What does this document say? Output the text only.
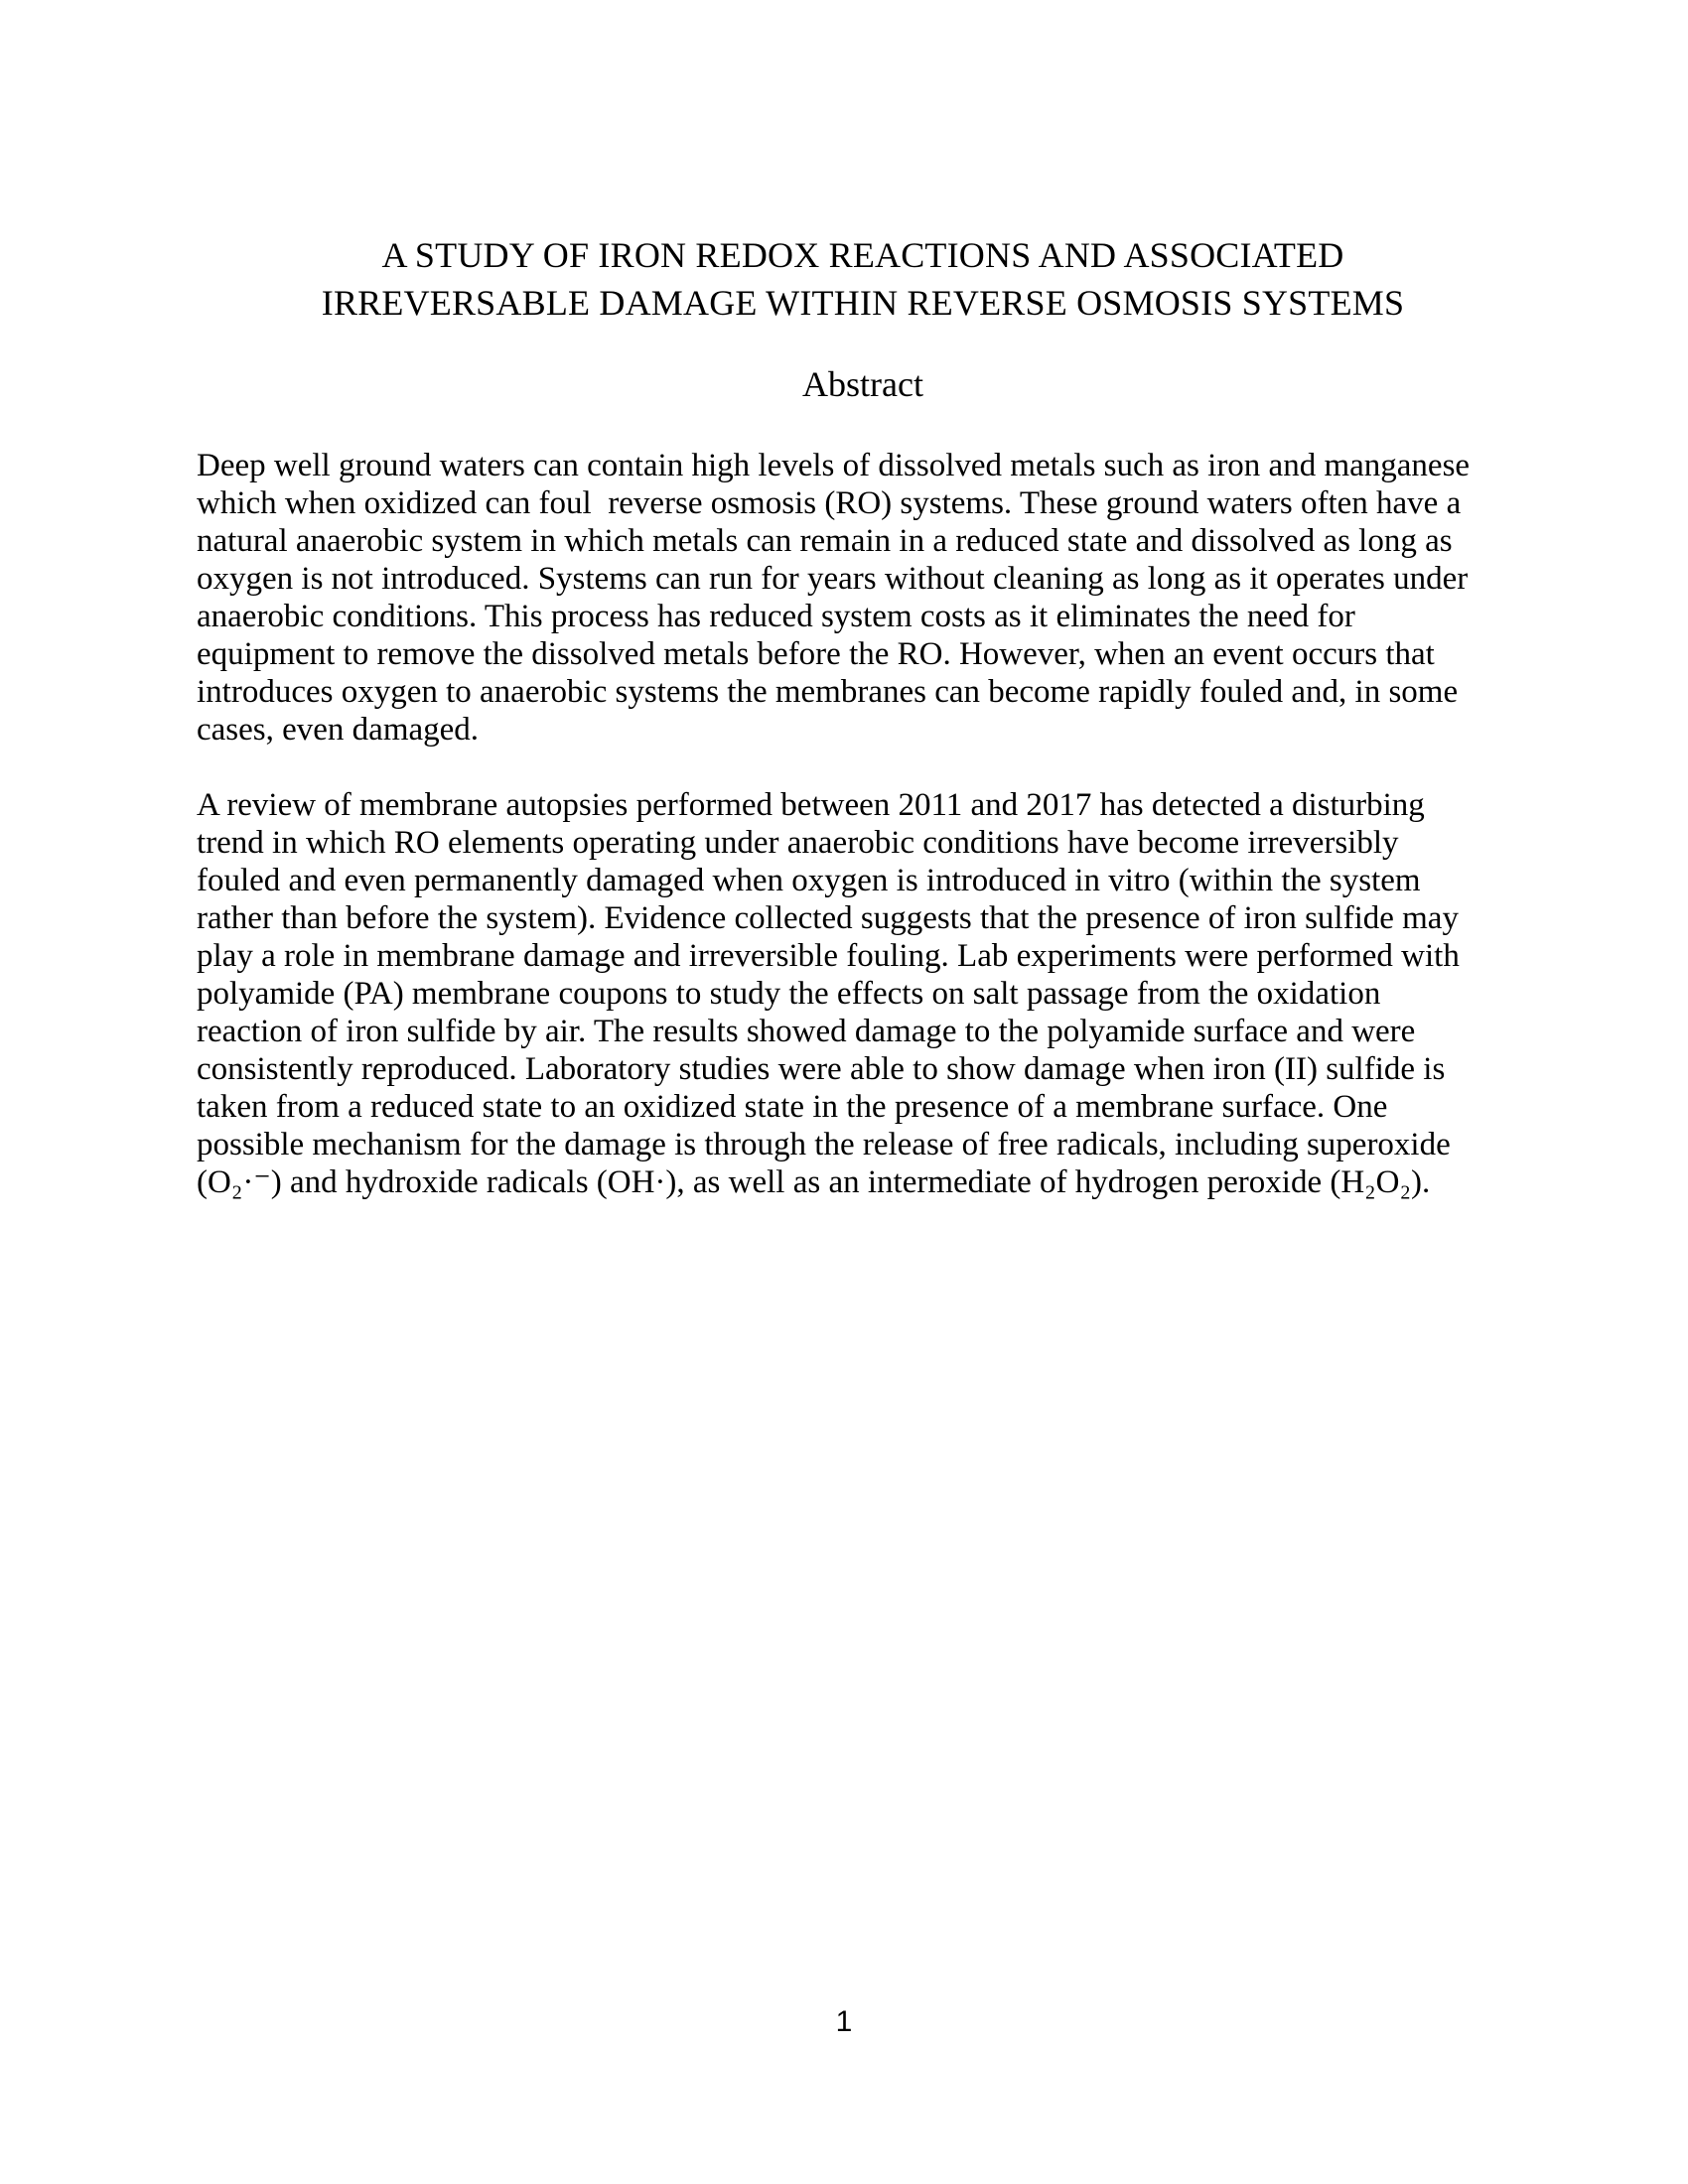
A STUDY OF IRON REDOX REACTIONS AND ASSOCIATED
IRREVERSABLE DAMAGE WITHIN REVERSE OSMOSIS SYSTEMS
Abstract
Deep well ground waters can contain high levels of dissolved metals such as iron and manganese
which when oxidized can foul  reverse osmosis (RO) systems. These ground waters often have a
natural anaerobic system in which metals can remain in a reduced state and dissolved as long as
oxygen is not introduced. Systems can run for years without cleaning as long as it operates under
anaerobic conditions. This process has reduced system costs as it eliminates the need for
equipment to remove the dissolved metals before the RO. However, when an event occurs that
introduces oxygen to anaerobic systems the membranes can become rapidly fouled and, in some
cases, even damaged.
A review of membrane autopsies performed between 2011 and 2017 has detected a disturbing
trend in which RO elements operating under anaerobic conditions have become irreversibly
fouled and even permanently damaged when oxygen is introduced in vitro (within the system
rather than before the system). Evidence collected suggests that the presence of iron sulfide may
play a role in membrane damage and irreversible fouling. Lab experiments were performed with
polyamide (PA) membrane coupons to study the effects on salt passage from the oxidation
reaction of iron sulfide by air. The results showed damage to the polyamide surface and were
consistently reproduced. Laboratory studies were able to show damage when iron (II) sulfide is
taken from a reduced state to an oxidized state in the presence of a membrane surface. One
possible mechanism for the damage is through the release of free radicals, including superoxide
(O₂·⁻) and hydroxide radicals (OH·), as well as an intermediate of hydrogen peroxide (H₂O₂).
1
